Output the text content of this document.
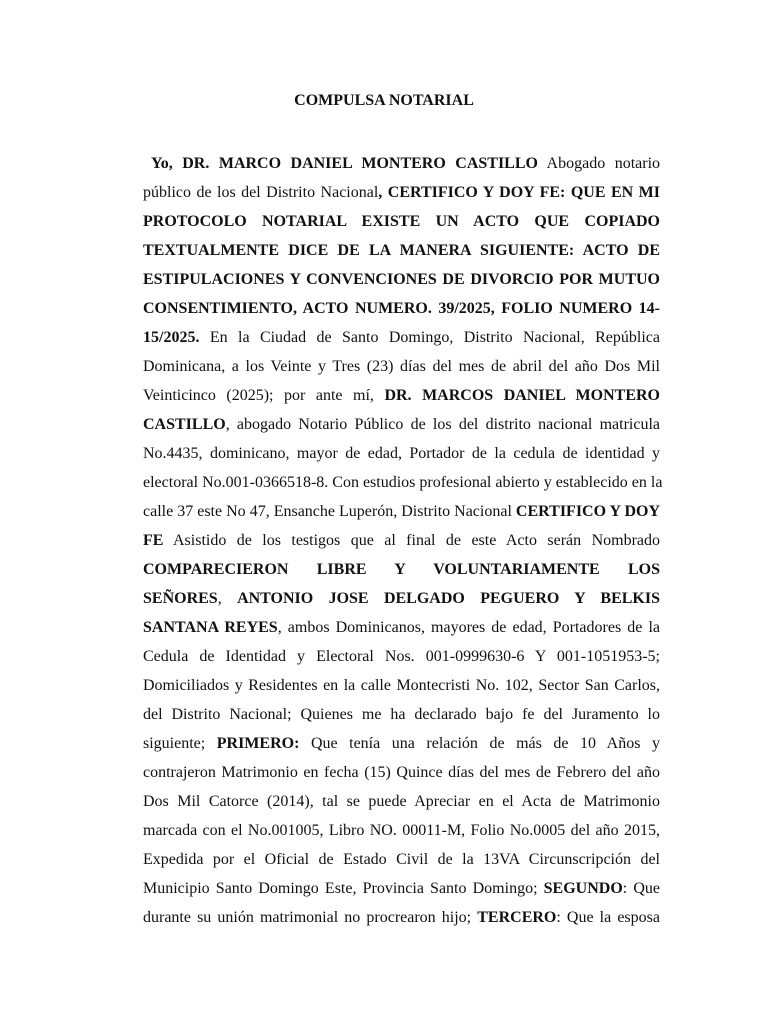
COMPULSA NOTARIAL
Yo, DR. MARCO DANIEL MONTERO CASTILLO Abogado notario
público de los del Distrito Nacional, CERTIFICO Y DOY FE: QUE EN MI
PROTOCOLO NOTARIAL EXISTE UN ACTO QUE COPIADO
TEXTUALMENTE DICE DE LA MANERA SIGUIENTE: ACTO DE
ESTIPULACIONES Y CONVENCIONES DE DIVORCIO POR MUTUO
CONSENTIMIENTO, ACTO NUMERO. 39/2025, FOLIO NUMERO 14-
15/2025. En la Ciudad de Santo Domingo, Distrito Nacional, República
Dominicana, a los Veinte y Tres (23) días del mes de abril del año Dos Mil
Veinticinco (2025); por ante mí, DR. MARCOS DANIEL MONTERO
CASTILLO, abogado Notario Público de los del distrito nacional matricula
No.4435, dominicano, mayor de edad, Portador de la cedula de identidad y
electoral No.001-0366518-8. Con estudios profesional abierto y establecido en la
calle 37 este No 47, Ensanche Luperón, Distrito Nacional CERTIFICO Y DOY
FE Asistido de los testigos que al final de este Acto serán Nombrado
COMPARECIERON LIBRE Y VOLUNTARIAMENTE LOS
SEÑORES, ANTONIO JOSE DELGADO PEGUERO Y BELKIS
SANTANA REYES, ambos Dominicanos, mayores de edad, Portadores de la
Cedula de Identidad y Electoral Nos. 001-0999630-6 Y 001-1051953-5;
Domiciliados y Residentes en la calle Montecristi No. 102, Sector San Carlos,
del Distrito Nacional; Quienes me ha declarado bajo fe del Juramento lo
siguiente; PRIMERO: Que tenía una relación de más de 10 Años y
contrajeron Matrimonio en fecha (15) Quince días del mes de Febrero del año
Dos Mil Catorce (2014), tal se puede Apreciar en el Acta de Matrimonio
marcada con el No.001005, Libro NO. 00011-M, Folio No.0005 del año 2015,
Expedida por el Oficial de Estado Civil de la 13VA Circunscripción del
Municipio Santo Domingo Este, Provincia Santo Domingo; SEGUNDO: Que
durante su unión matrimonial no procrearon hijo; TERCERO: Que la esposa
